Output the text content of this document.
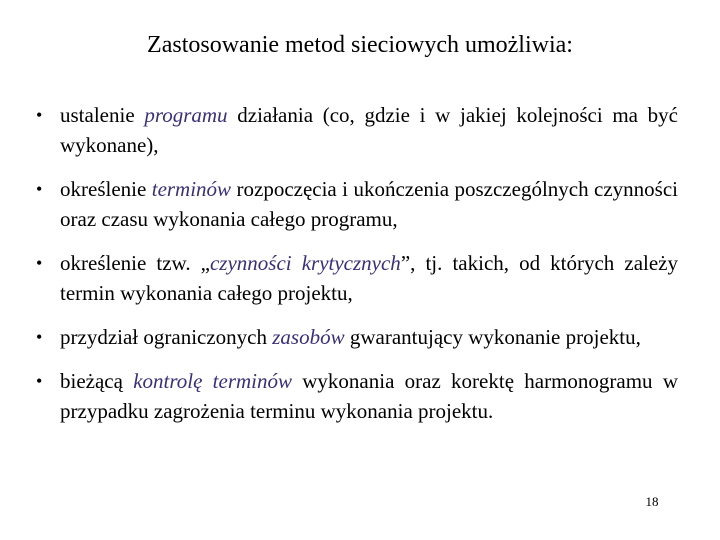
Zastosowanie metod sieciowych umożliwia:
• ustalenie programu działania (co, gdzie i w jakiej kolejności ma być wykonane),
• określenie terminów rozpoczęcia i ukończenia poszczególnych czynności oraz czasu wykonania całego programu,
• określenie tzw. „czynności krytycznych”, tj. takich, od których zależy termin wykonania całego projektu,
• przydział ograniczonych zasobów gwarantujący wykonanie projektu,
• bieżącą kontrolę terminów wykonania oraz korektę harmonogramu w przypadku zagrożenia terminu wykonania projektu.
18
